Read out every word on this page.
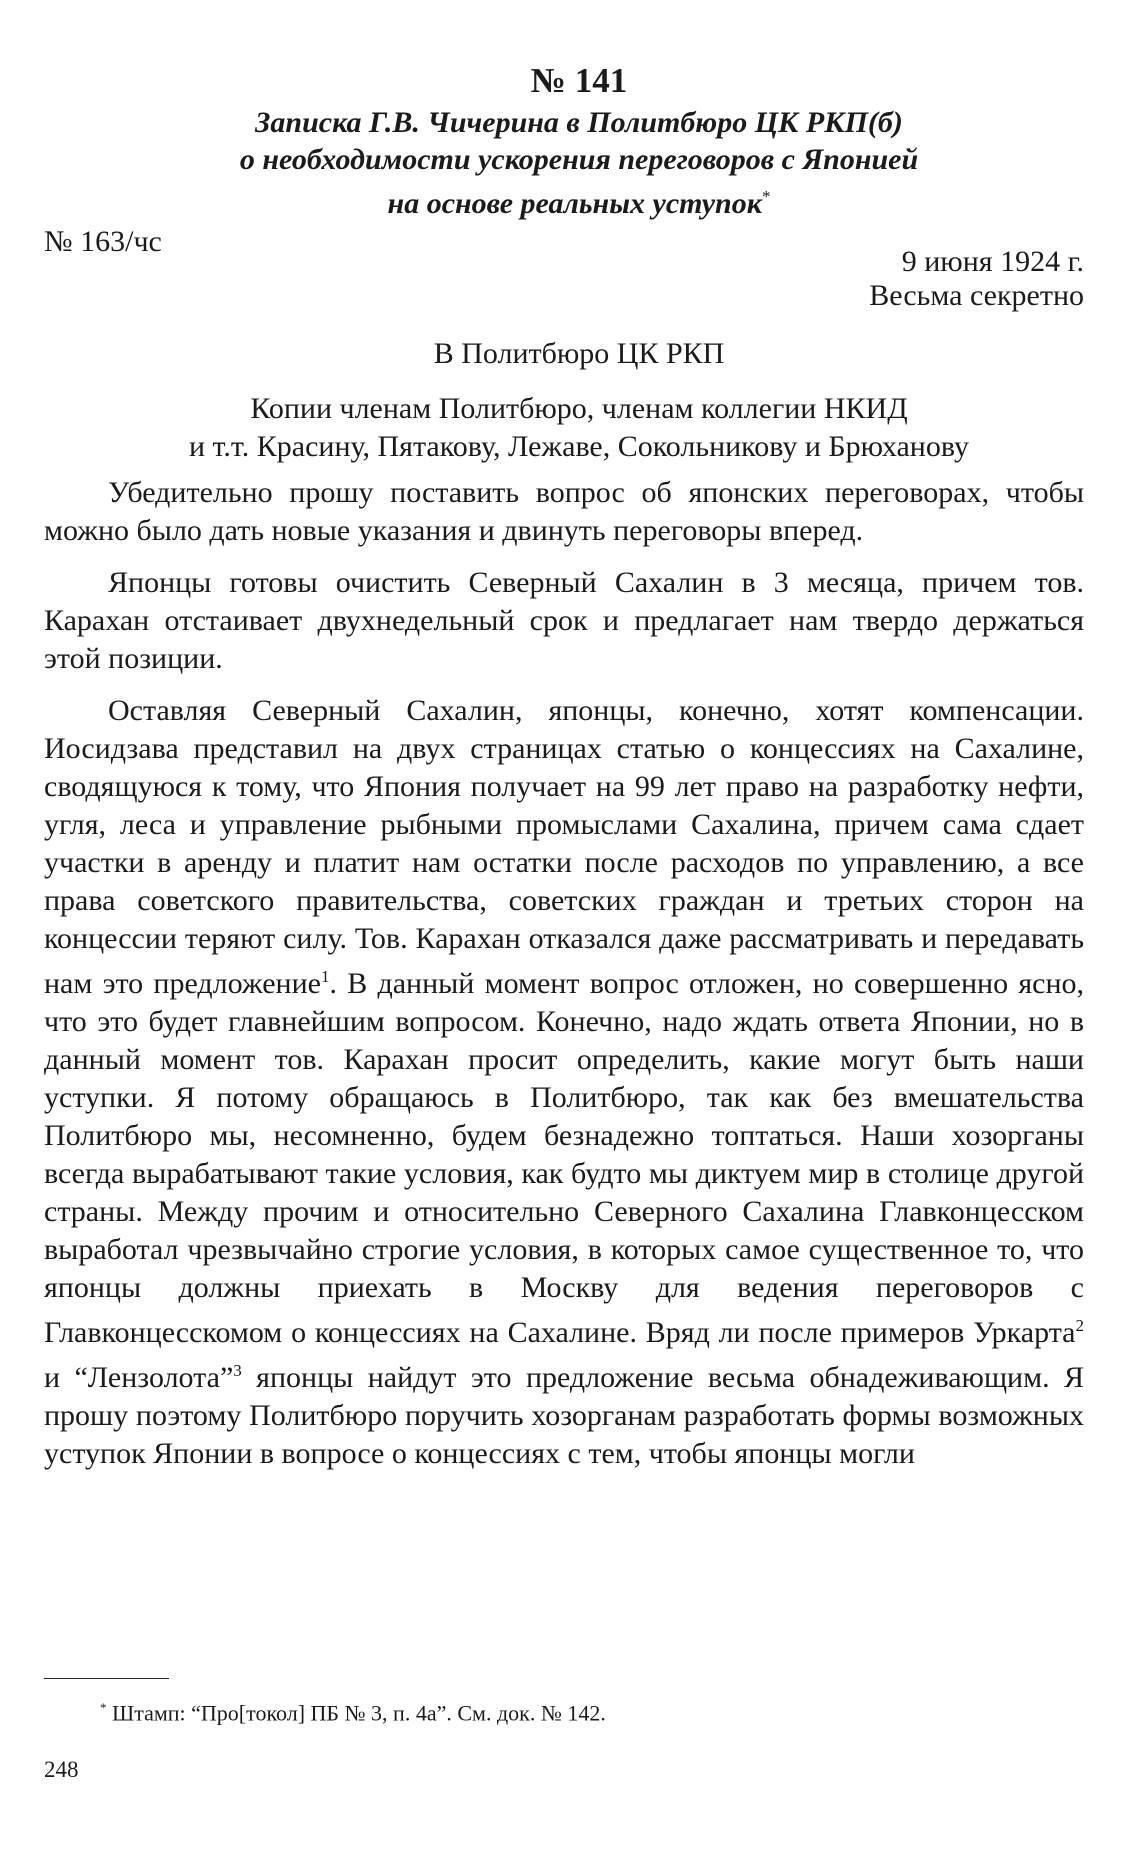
№ 141
Записка Г.В. Чичерина в Политбюро ЦК РКП(б)
о необходимости ускорения переговоров с Японией
на основе реальных уступок*
№ 163/чс
9 июня 1924 г.
Весьма секретно
В Политбюро ЦК РКП
Копии членам Политбюро, членам коллегии НКИД
и т.т. Красину, Пятакову, Лежаве, Сокольникову и Брюханову

Убедительно прошу поставить вопрос об японских переговорах, чтобы можно было дать новые указания и двинуть переговоры вперед.

Японцы готовы очистить Северный Сахалин в 3 месяца, причем тов. Карахан отстаивает двухнедельный срок и предлагает нам твердо держаться этой позиции.

Оставляя Северный Сахалин, японцы, конечно, хотят компенсации. Иосидзава представил на двух страницах статью о концессиях на Сахалине, сводящуюся к тому, что Япония получает на 99 лет право на разработку нефти, угля, леса и управление рыбными промыслами Сахалина, причем сама сдает участки в аренду и платит нам остатки после расходов по управлению, а все права советского правительства, советских граждан и третьих сторон на концессии теряют силу. Тов. Карахан отказался даже рассматривать и передавать нам это предложение$^1$. В данный момент вопрос отложен, но совершенно ясно, что это будет главнейшим вопросом. Конечно, надо ждать ответа Японии, но в данный момент тов. Карахан просит определить, какие могут быть наши уступки. Я потому обращаюсь в Политбюро, так как без вмешательства Политбюро мы, несомненно, будем безнадежно топтаться. Наши хозорганы всегда вырабатывают такие условия, как будто мы диктуем мир в столице другой страны. Между прочим и относительно Северного Сахалина Главконцесском выработал чрезвычайно строгие условия, в которых самое существенное то, что японцы должны приехать в Москву для ведения переговоров с Главконцесскомом о концессиях на Сахалине. Вряд ли после примеров Уркарта$^2$ и “Лензолота”$^3$ японцы найдут это предложение весьма обнадеживающим. Я прошу поэтому Политбюро поручить хозорганам разработать формы возможных уступок Японии в вопросе о концессиях с тем, чтобы японцы могли

* Штамп: “Про[токол] ПБ № 3, п. 4а”. См. док. № 142.
248
